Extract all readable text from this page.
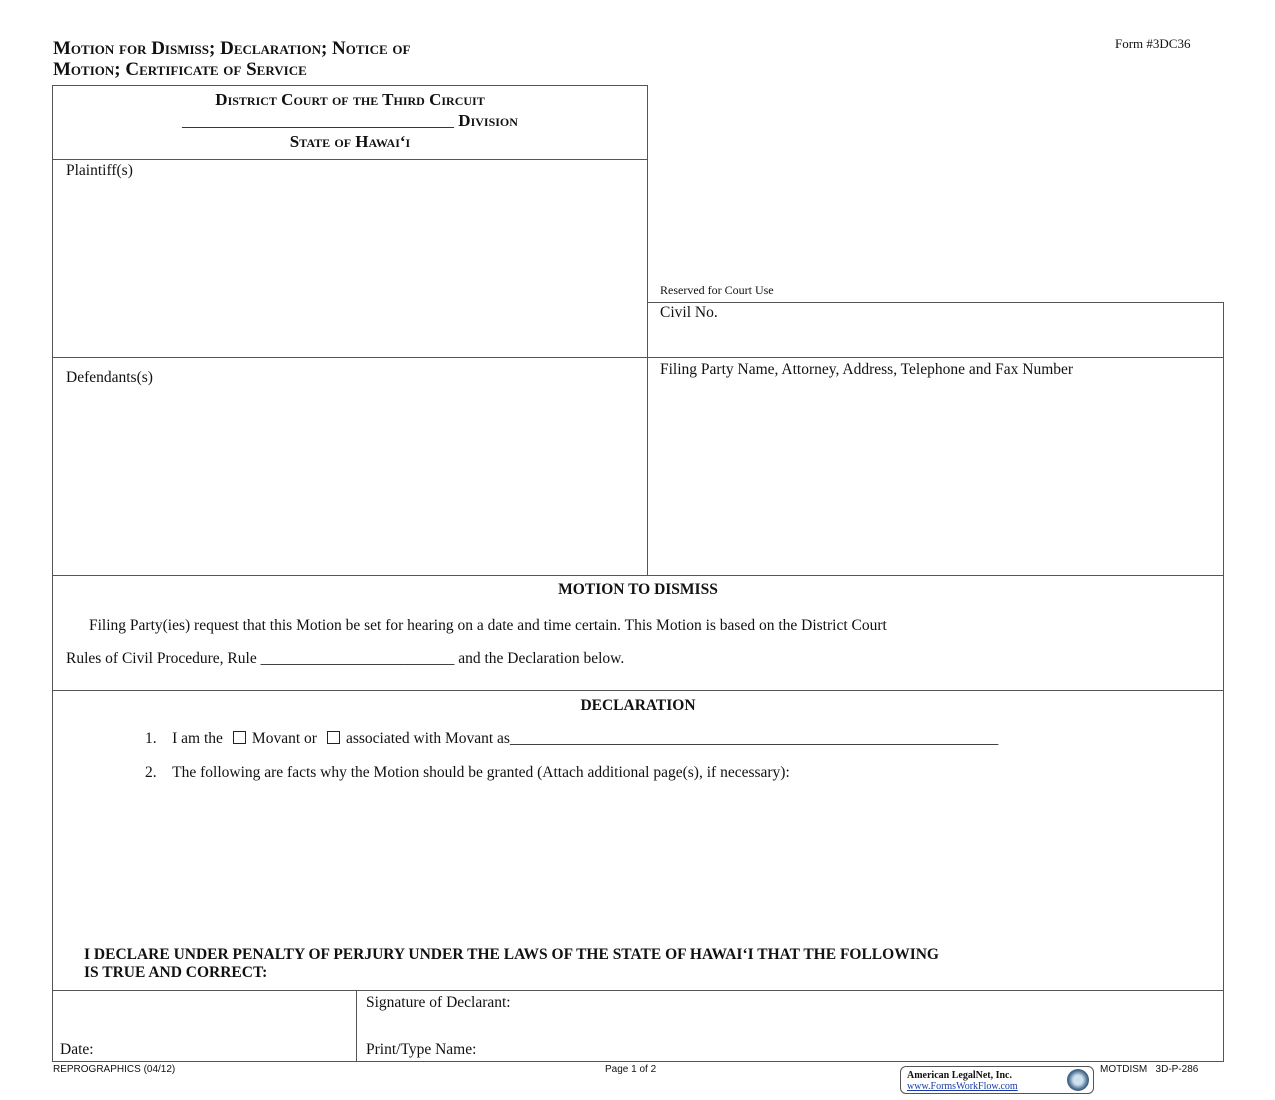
Motion for Dismiss; Declaration; Notice of
Motion; Certificate of Service
Form #3DC36
District Court of the Third Circuit
________________________________ Division
State of Hawai‘i
Plaintiff(s)
Defendants(s)
Reserved for Court Use
Civil No.
Filing Party Name, Attorney, Address, Telephone and Fax Number
MOTION TO DISMISS
Filing Party(ies) request that this Motion be set for hearing on a date and time certain. This Motion is based on the District Court
Rules of Civil Procedure, Rule _________________________ and the Declaration below.
DECLARATION
1. I am the Movant or associated with Movant as_______________________________________________________________
2. The following are facts why the Motion should be granted (Attach additional page(s), if necessary):
I DECLARE UNDER PENALTY OF PERJURY UNDER THE LAWS OF THE STATE OF HAWAI‘I THAT THE FOLLOWING
IS TRUE AND CORRECT:
Date:
Signature of Declarant:
Print/Type Name:
REPROGRAPHICS (04/12)	Page 1 of 2
American LegalNet, Inc.
www.FormsWorkFlow.com
MOTDISM   3D-P-286
